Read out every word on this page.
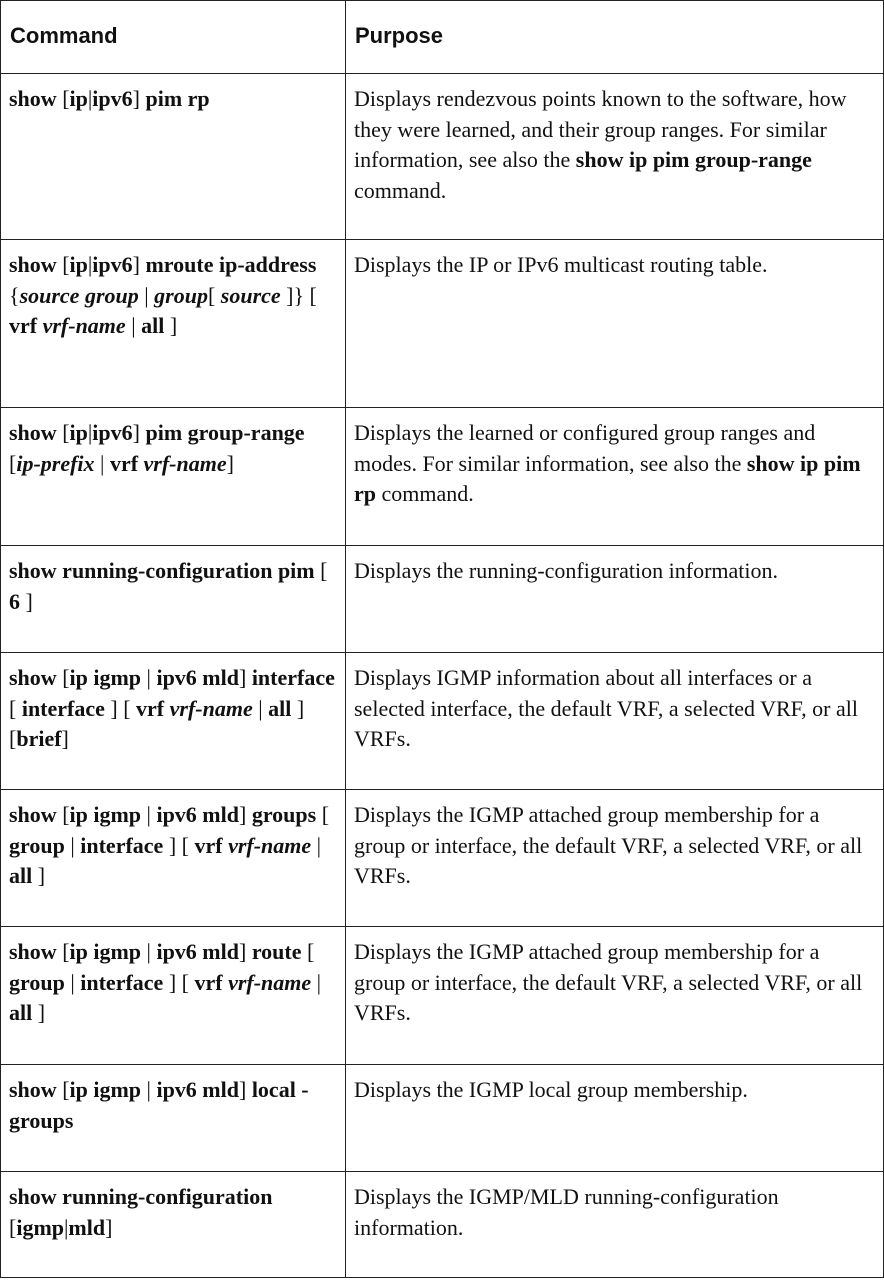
Command	Purpose
show [ip|ipv6] pim rp	Displays rendezvous points known to the software, how they were learned, and their group ranges. For similar information, see also the show ip pim group-range command.
show [ip|ipv6] mroute ip-address {source group | group[ source ]} [ vrf vrf-name | all ]	Displays the IP or IPv6 multicast routing table.
show [ip|ipv6] pim group-range [ip-prefix | vrf vrf-name]	Displays the learned or configured group ranges and modes. For similar information, see also the show ip pim rp command.
show running-configuration pim [ 6 ]	Displays the running-configuration information.
show [ip igmp | ipv6 mld] interface [ interface ] [ vrf vrf-name | all ] [brief]	Displays IGMP information about all interfaces or a selected interface, the default VRF, a selected VRF, or all VRFs.
show [ip igmp | ipv6 mld] groups [ group | interface ] [ vrf vrf-name | all ]	Displays the IGMP attached group membership for a group or interface, the default VRF, a selected VRF, or all VRFs.
show [ip igmp | ipv6 mld] route [ group | interface ] [ vrf vrf-name | all ]	Displays the IGMP attached group membership for a group or interface, the default VRF, a selected VRF, or all VRFs.
show [ip igmp | ipv6 mld] local - groups	Displays the IGMP local group membership.
show running-configuration [igmp|mld]	Displays the IGMP/MLD running-configuration information.
